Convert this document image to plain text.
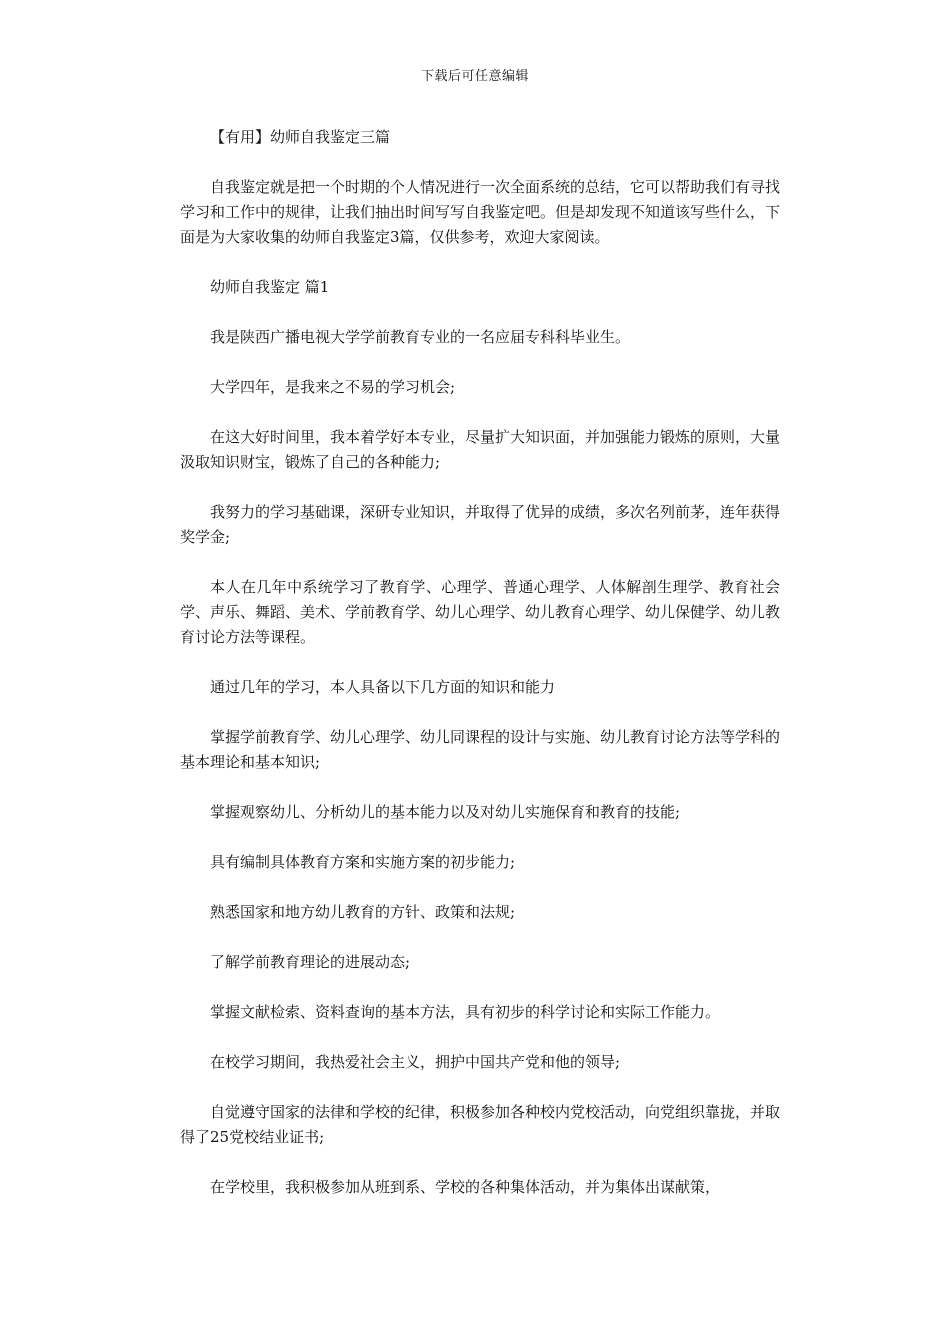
下载后可任意编辑

【有用】幼师自我鉴定三篇

自我鉴定就是把一个时期的个人情况进行一次全面系统的总结，它可以帮助我们有寻找学习和工作中的规律，让我们抽出时间写写自我鉴定吧。但是却发现不知道该写些什么，下面是为大家收集的幼师自我鉴定3篇，仅供参考，欢迎大家阅读。

幼师自我鉴定 篇1

我是陕西广播电视大学学前教育专业的一名应届专科科毕业生。

大学四年，是我来之不易的学习机会;

在这大好时间里，我本着学好本专业，尽量扩大知识面，并加强能力锻炼的原则，大量汲取知识财宝，锻炼了自己的各种能力;

我努力的学习基础课，深研专业知识，并取得了优异的成绩，多次名列前茅，连年获得奖学金;

本人在几年中系统学习了教育学、心理学、普通心理学、人体解剖生理学、教育社会学、声乐、舞蹈、美术、学前教育学、幼儿心理学、幼儿教育心理学、幼儿保健学、幼儿教育讨论方法等课程。

通过几年的学习，本人具备以下几方面的知识和能力

掌握学前教育学、幼儿心理学、幼儿同课程的设计与实施、幼儿教育讨论方法等学科的基本理论和基本知识;

掌握观察幼儿、分析幼儿的基本能力以及对幼儿实施保育和教育的技能;

具有编制具体教育方案和实施方案的初步能力;

熟悉国家和地方幼儿教育的方针、政策和法规;

了解学前教育理论的进展动态;

掌握文献检索、资料查询的基本方法，具有初步的科学讨论和实际工作能力。

在校学习期间，我热爱社会主义，拥护中国共产党和他的领导;

自觉遵守国家的法律和学校的纪律，积极参加各种校内党校活动，向党组织靠拢，并取得了25党校结业证书;

在学校里，我积极参加从班到系、学校的各种集体活动，并为集体出谋献策，
